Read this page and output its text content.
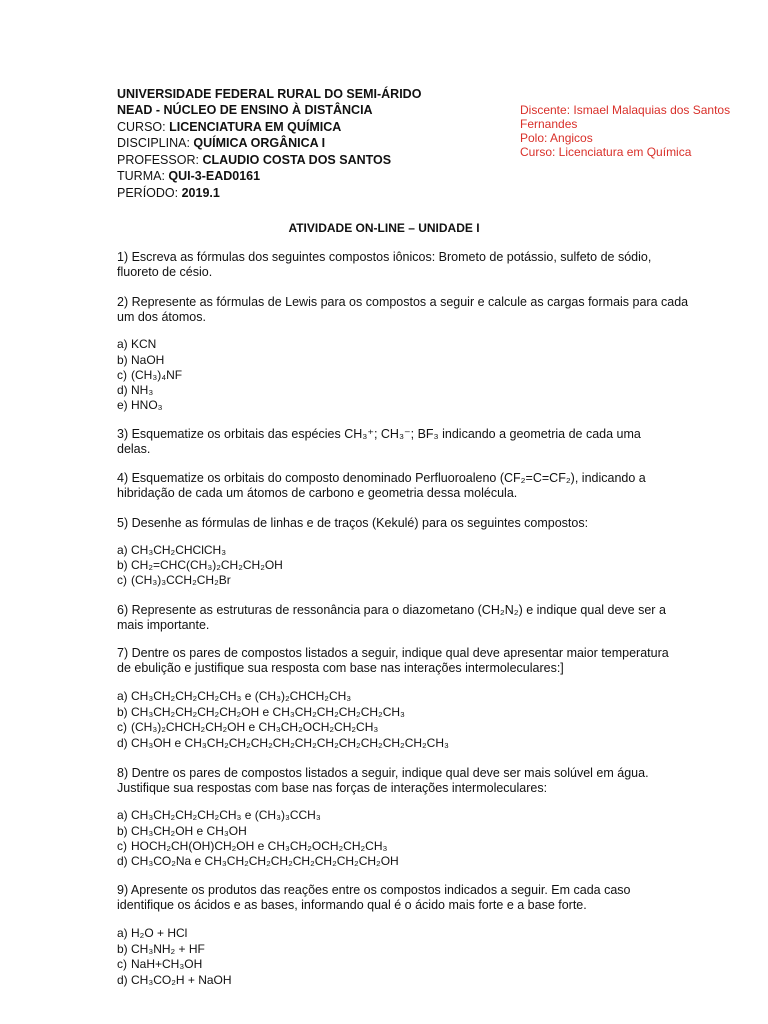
UNIVERSIDADE FEDERAL RURAL DO SEMI-ÁRIDO
NEAD - NÚCLEO DE ENSINO À DISTÂNCIA
CURSO: LICENCIATURA EM QUÍMICA
DISCIPLINA: QUÍMICA ORGÂNICA I
PROFESSOR: CLAUDIO COSTA DOS SANTOS
TURMA: QUI-3-EAD0161
PERÍODO: 2019.1
Discente: Ismael Malaquias dos Santos
Fernandes
Polo: Angicos
Curso: Licenciatura em Química
ATIVIDADE ON-LINE – UNIDADE I
1) Escreva as fórmulas dos seguintes compostos iônicos: Brometo de potássio, sulfeto de sódio,
fluoreto de césio.
2) Represente as fórmulas de Lewis para os compostos a seguir e calcule as cargas formais para cada
um dos átomos.
a) KCN
b) NaOH
c) (CH₃)₄NF
d) NH₃
e) HNO₃
3) Esquematize os orbitais das espécies CH₃⁺; CH₃⁻; BF₃ indicando a geometria de cada uma
delas.
4) Esquematize os orbitais do composto denominado Perfluoroaleno (CF₂=C=CF₂), indicando a
hibridação de cada um átomos de carbono e geometria dessa molécula.
5) Desenhe as fórmulas de linhas e de traços (Kekulé) para os seguintes compostos:
a) CH₃CH₂CHClCH₃
b) CH₂=CHC(CH₃)₂CH₂CH₂OH
c) (CH₃)₃CCH₂CH₂Br
6) Represente as estruturas de ressonância para o diazometano (CH₂N₂) e indique qual deve ser a
mais importante.
7) Dentre os pares de compostos listados a seguir, indique qual deve apresentar maior temperatura
de ebulição e justifique sua resposta com base nas interações intermoleculares:]
a) CH₃CH₂CH₂CH₂CH₃ e (CH₃)₂CHCH₂CH₃
b) CH₃CH₂CH₂CH₂CH₂OH e CH₃CH₂CH₂CH₂CH₂CH₃
c) (CH₃)₂CHCH₂CH₂OH e CH₃CH₂OCH₂CH₂CH₃
d) CH₃OH e CH₃CH₂CH₂CH₂CH₂CH₂CH₂CH₂CH₂CH₂CH₂CH₃
8) Dentre os pares de compostos listados a seguir, indique qual deve ser mais solúvel em água.
Justifique sua respostas com base nas forças de interações intermoleculares:
a) CH₃CH₂CH₂CH₂CH₃ e (CH₃)₃CCH₃
b) CH₃CH₂OH e CH₃OH
c) HOCH₂CH(OH)CH₂OH e CH₃CH₂OCH₂CH₂CH₃
d) CH₃CO₂Na e CH₃CH₂CH₂CH₂CH₂CH₂CH₂CH₂OH
9) Apresente os produtos das reações entre os compostos indicados a seguir. Em cada caso
identifique os ácidos e as bases, informando qual é o ácido mais forte e a base forte.
a) H₂O + HCl
b) CH₃NH₂ + HF
c) NaH+CH₃OH
d) CH₃CO₂H + NaOH
